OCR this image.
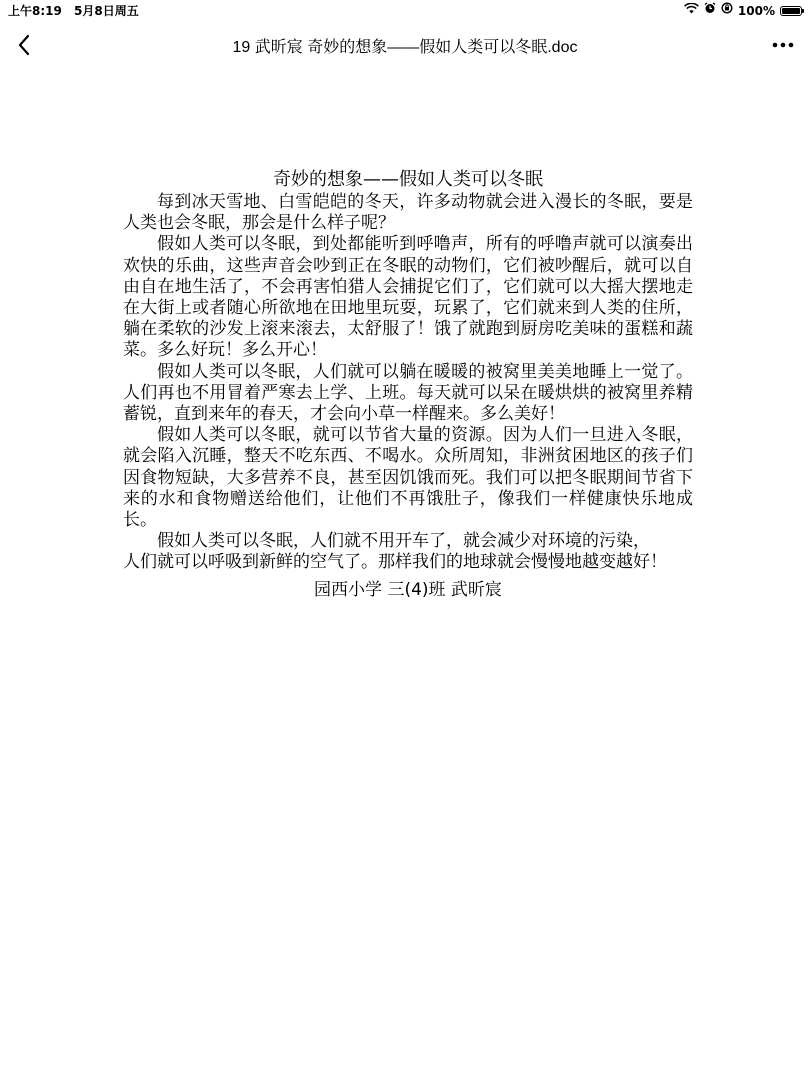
上午8:19 5月8日周五	100%
19 武昕宸 奇妙的想象——假如人类可以冬眠.doc

奇妙的想象——假如人类可以冬眠

每到冰天雪地、白雪皑皑的冬天，许多动物就会进入漫长的冬眠，要是人类也会冬眠，那会是什么样子呢？

假如人类可以冬眠，到处都能听到呼噜声，所有的呼噜声就可以演奏出欢快的乐曲，这些声音会吵到正在冬眠的动物们，它们被吵醒后，就可以自由自在地生活了，不会再害怕猎人会捕捉它们了，它们就可以大摇大摆地走在大街上或者随心所欲地在田地里玩耍，玩累了，它们就来到人类的住所，躺在柔软的沙发上滚来滚去，太舒服了！饿了就跑到厨房吃美味的蛋糕和蔬菜。多么好玩！多么开心！

假如人类可以冬眠，人们就可以躺在暖暖的被窝里美美地睡上一觉了。人们再也不用冒着严寒去上学、上班。每天就可以呆在暖烘烘的被窝里养精蓄锐，直到来年的春天，才会向小草一样醒来。多么美好！

假如人类可以冬眠，就可以节省大量的资源。因为人们一旦进入冬眠，就会陷入沉睡，整天不吃东西、不喝水。众所周知，非洲贫困地区的孩子们因食物短缺，大多营养不良，甚至因饥饿而死。我们可以把冬眠期间节省下来的水和食物赠送给他们，让他们不再饿肚子，像我们一样健康快乐地成长。

假如人类可以冬眠，人们就不用开车了，就会减少对环境的污染，

人们就可以呼吸到新鲜的空气了。那样我们的地球就会慢慢地越变越好！

园西小学 三(4)班 武昕宸
